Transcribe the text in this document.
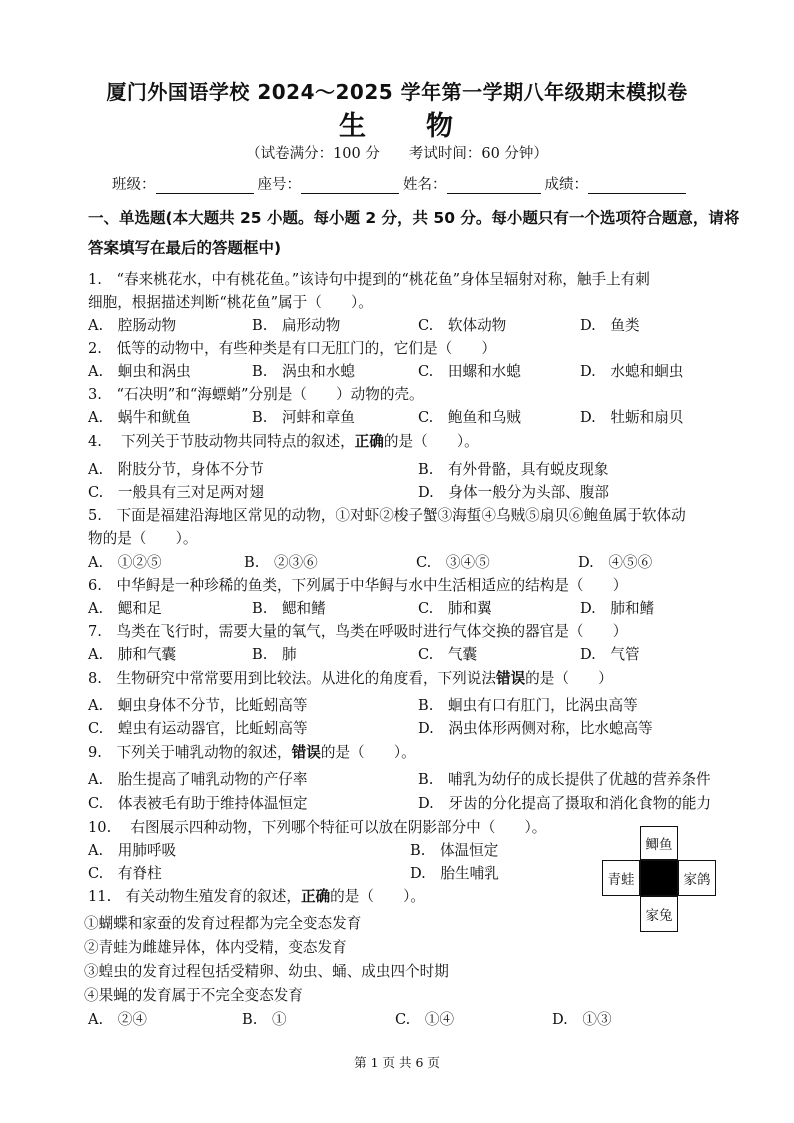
厦门外国语学校 2024～2025 学年第一学期八年级期末模拟卷
生　　物
（试卷满分：100 分　　考试时间：60 分钟）
班级：	座号：	姓名：	成绩：
一、单选题(本大题共 25 小题。每小题 2 分，共 50 分。每小题只有一个选项符合题意，请将答案填写在最后的答题框中)
1.　“春来桃花水，中有桃花鱼。”该诗句中提到的“桃花鱼”身体呈辐射对称，触手上有刺
细胞，根据描述判断“桃花鱼”属于（　　）。
A.　腔肠动物	B.　扁形动物	C.　软体动物	D.　鱼类
2.　低等的动物中，有些种类是有口无肛门的，它们是（　　）
A.　蛔虫和涡虫	B.　涡虫和水螅	C.　田螺和水螅	D.　水螅和蛔虫
3.　“石决明”和“海螵蛸”分别是（　　）动物的壳。
A.　蜗牛和鱿鱼	B.　河蚌和章鱼	C.　鲍鱼和乌贼	D.　牡蛎和扇贝
4.　 下列关于节肢动物共同特点的叙述，正确的是（　　）。
A.　附肢分节，身体不分节	B.　有外骨骼，具有蜕皮现象
C.　一般具有三对足两对翅	D.　身体一般分为头部、腹部
5.　下面是福建沿海地区常见的动物，①对虾②梭子蟹③海蜇④乌贼⑤扇贝⑥鲍鱼属于软体动
物的是（　　）。
A.　①②⑤	B.　②③⑥	C.　③④⑤	D.　④⑤⑥
6.　中华鲟是一种珍稀的鱼类，下列属于中华鲟与水中生活相适应的结构是（　　）
A.　鳃和足	B.　鳃和鳍	C.　肺和翼	D.　肺和鳍
7.　鸟类在飞行时，需要大量的氧气，鸟类在呼吸时进行气体交换的器官是（　　）
A.　肺和气囊	B.　肺	C.　气囊	D.　气管
8.　生物研究中常常要用到比较法。从进化的角度看，下列说法错误的是（　　）
A.　蛔虫身体不分节，比蚯蚓高等	B.　蛔虫有口有肛门，比涡虫高等
C.　蝗虫有运动器官，比蚯蚓高等	D.　涡虫体形两侧对称，比水螅高等
9.　下列关于哺乳动物的叙述，错误的是（　　）。
A.　胎生提高了哺乳动物的产仔率	B.　哺乳为幼仔的成长提供了优越的营养条件
C.　体表被毛有助于维持体温恒定	D.　牙齿的分化提高了摄取和消化食物的能力
10.　 右图展示四种动物，下列哪个特征可以放在阴影部分中（　　）。
A.　用肺呼吸	B.　体温恒定
C.　有脊柱	D.　胎生哺乳
鲫鱼
青蛙	家鸽
家兔
11.　有关动物生殖发育的叙述，正确的是（　　）。
①蝴蝶和家蚕的发育过程都为完全变态发育
②青蛙为雌雄异体，体内受精，变态发育
③蝗虫的发育过程包括受精卵、幼虫、蛹、成虫四个时期
④果蝇的发育属于不完全变态发育
A.　②④	B.　①	C.　①④	D.　①③
第 1 页 共 6 页
